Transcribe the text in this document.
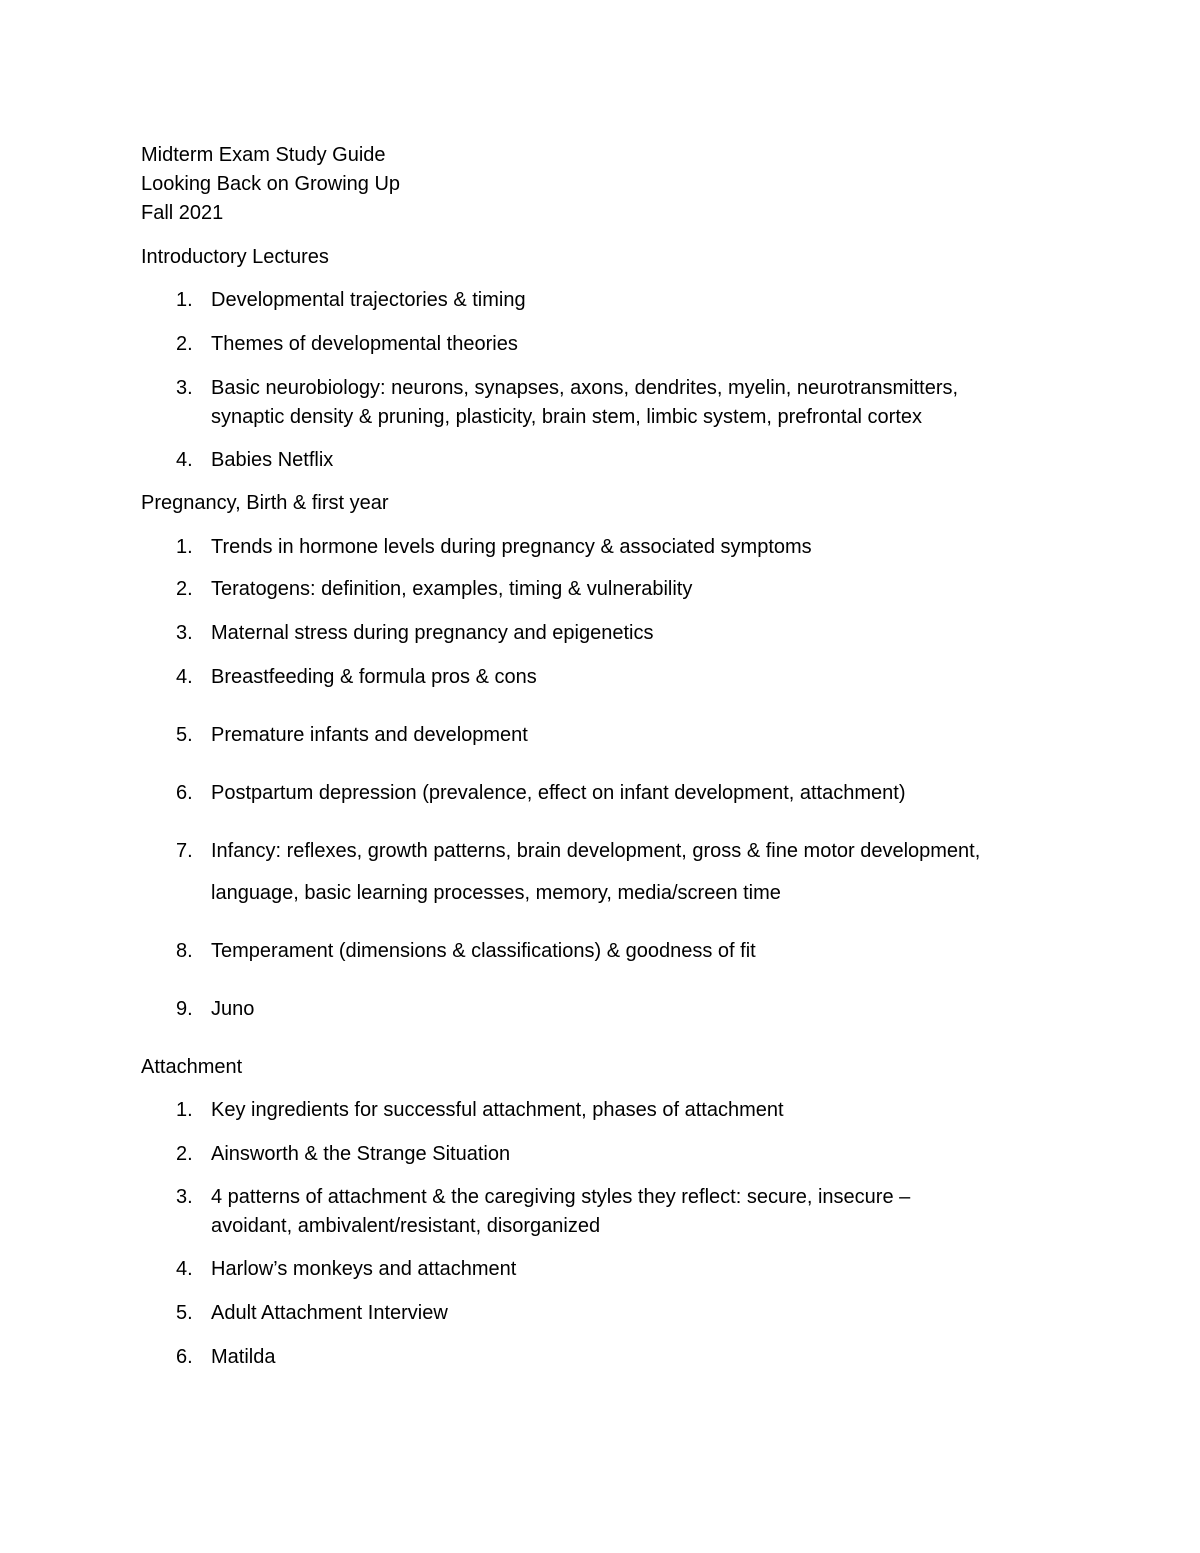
Midterm Exam Study Guide
Looking Back on Growing Up
Fall 2021
Introductory Lectures
1. Developmental trajectories & timing
2. Themes of developmental theories
3. Basic neurobiology: neurons, synapses, axons, dendrites, myelin, neurotransmitters,
synaptic density & pruning, plasticity, brain stem, limbic system, prefrontal cortex
4. Babies Netflix
Pregnancy, Birth & first year
1. Trends in hormone levels during pregnancy & associated symptoms
2. Teratogens: definition, examples, timing & vulnerability
3. Maternal stress during pregnancy and epigenetics
4. Breastfeeding & formula pros & cons
5. Premature infants and development
6. Postpartum depression (prevalence, effect on infant development, attachment)
7. Infancy: reflexes, growth patterns, brain development, gross & fine motor development,
language, basic learning processes, memory, media/screen time
8. Temperament (dimensions & classifications) & goodness of fit
9. Juno
Attachment
1. Key ingredients for successful attachment, phases of attachment
2. Ainsworth & the Strange Situation
3. 4 patterns of attachment & the caregiving styles they reflect: secure, insecure –
avoidant, ambivalent/resistant, disorganized
4. Harlow’s monkeys and attachment
5. Adult Attachment Interview
6. Matilda
